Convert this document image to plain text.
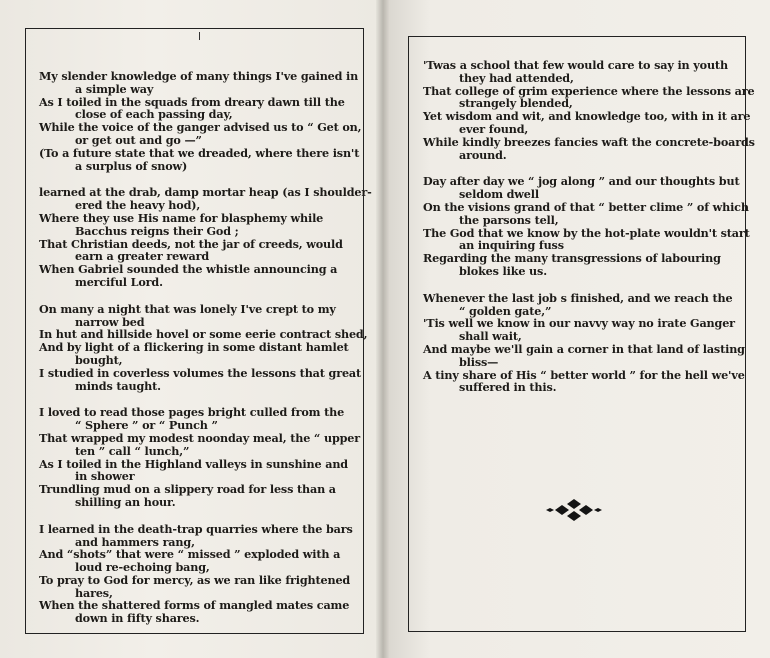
My slender knowledge of many things I've gained in
a simple way
As I toiled in the squads from dreary dawn till the
close of each passing day,
While the voice of the ganger advised us to “ Get on,
or get out and go —”
(To a future state that we dreaded, where there isn't
a surplus of snow)
learned at the drab, damp mortar heap (as I shoulder-
ered the heavy hod),
Where they use His name for blasphemy while
Bacchus reigns their God ;
That Christian deeds, not the jar of creeds, would
earn a greater reward
When Gabriel sounded the whistle announcing a
merciful Lord.
On many a night that was lonely I've crept to my
narrow bed
In hut and hillside hovel or some eerie contract shed,
And by light of a flickering in some distant hamlet
bought,
I studied in coverless volumes the lessons that great
minds taught.
I loved to read those pages bright culled from the
“ Sphere ” or “ Punch ”
That wrapped my modest noonday meal, the “ upper
ten ” call “ lunch,”
As I toiled in the Highland valleys in sunshine and
in shower
Trundling mud on a slippery road for less than a
shilling an hour.
I learned in the death-trap quarries where the bars
and hammers rang,
And “shots” that were “ missed ” exploded with a
loud re-echoing bang,
To pray to God for mercy, as we ran like frightened
hares,
When the shattered forms of mangled mates came
down in fifty shares.
'Twas a school that few would care to say in youth
they had attended,
That college of grim experience where the lessons are
strangely blended,
Yet wisdom and wit, and knowledge too, with in it are
ever found,
While kindly breezes fancies waft the concrete-boards
around.
Day after day we “ jog along ” and our thoughts but
seldom dwell
On the visions grand of that “ better clime ” of which
the parsons tell,
The God that we know by the hot-plate wouldn't start
an inquiring fuss
Regarding the many transgressions of labouring
blokes like us.
Whenever the last job s finished, and we reach the
“ golden gate,”
'Tis well we know in our navvy way no irate Ganger
shall wait,
And maybe we'll gain a corner in that land of lasting
bliss—
A tiny share of His “ better world ” for the hell we've
suffered in this.
